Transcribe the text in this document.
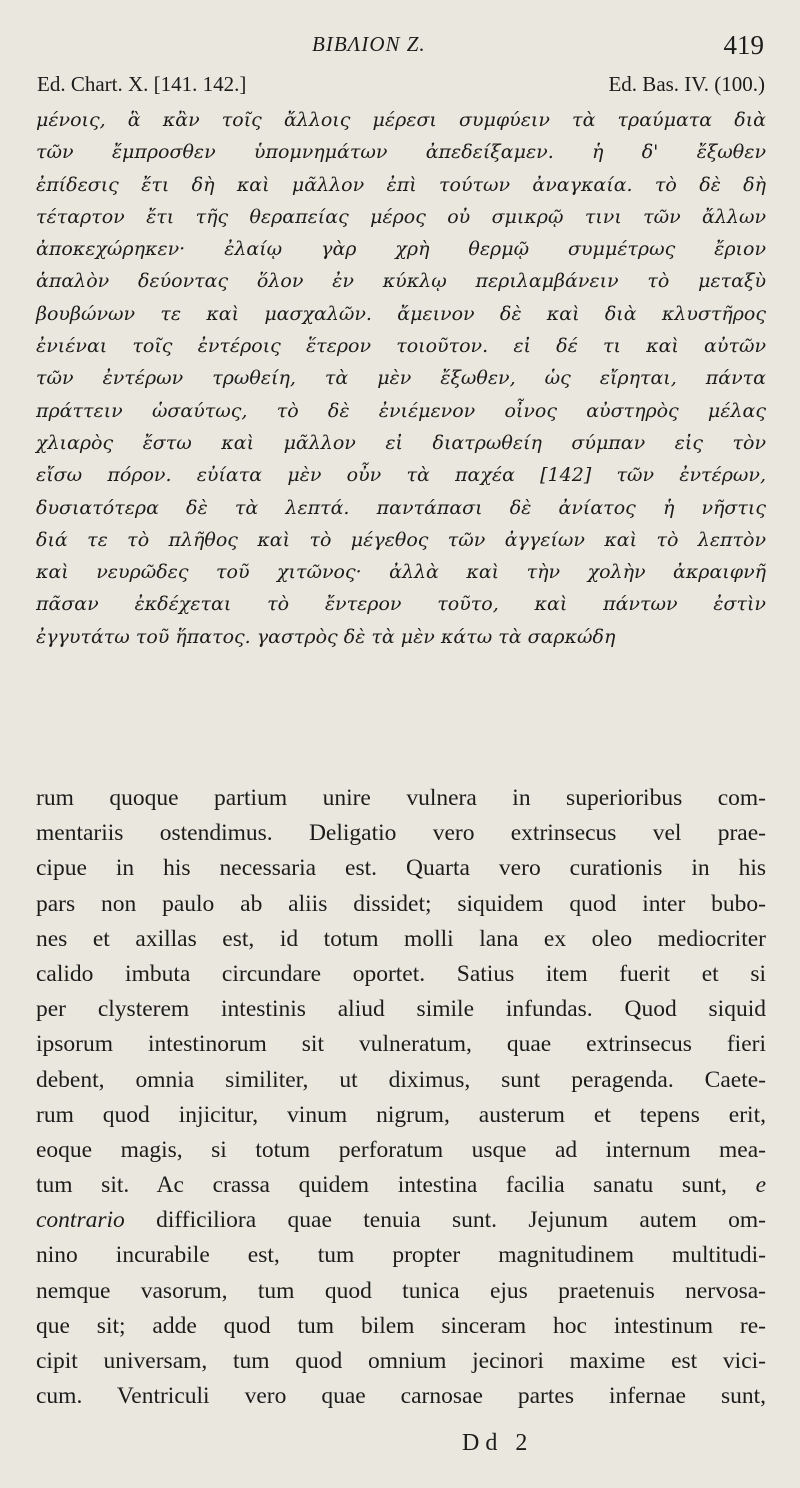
BIBΛΙΟΝ Ζ.	419
Ed. Chart. X. [141. 142.]	Ed. Bas. IV. (100.)
μένοις, ἃ κἂν τοῖς ἄλλοις μέρεσι συμφύειν τὰ τραύματα διὰ
τῶν ἔμπροσθεν ὑπομνημάτων ἀπεδείξαμεν. ἡ δ' ἔξωθεν
ἐπίδεσις ἔτι δὴ καὶ μᾶλλον ἐπὶ τούτων ἀναγκαία. τὸ δὲ δὴ
τέταρτον ἔτι τῆς θεραπείας μέρος οὐ σμικρῷ τινι τῶν ἄλλων
ἀποκεχώρηκεν· ἐλαίῳ γὰρ χρὴ θερμῷ συμμέτρως ἔριον
ἁπαλὸν δεύοντας ὅλον ἐν κύκλῳ περιλαμβάνειν τὸ μεταξὺ
βουβώνων τε καὶ μασχαλῶν. ἄμεινον δὲ καὶ διὰ κλυστῆρος
ἐνιέναι τοῖς ἐντέροις ἕτερον τοιοῦτον. εἰ δέ τι καὶ αὐτῶν
τῶν ἐντέρων τρωθείη, τὰ μὲν ἔξωθεν, ὡς εἴρηται, πάντα
πράττειν ὡσαύτως, τὸ δὲ ἐνιέμενον οἶνος αὐστηρὸς μέλας
χλιαρὸς ἔστω καὶ μᾶλλον εἰ διατρωθείη σύμπαν εἰς τὸν
εἴσω πόρον. εὐίατα μὲν οὖν τὰ παχέα [142] τῶν ἐντέρων,
δυσιατότερα δὲ τὰ λεπτά. παντάπασι δὲ ἀνίατος ἡ νῆστις
διά τε τὸ πλῆθος καὶ τὸ μέγεθος τῶν ἀγγείων καὶ τὸ λεπτὸν
καὶ νευρῶδες τοῦ χιτῶνος· ἀλλὰ καὶ τὴν χολὴν ἀκραιφνῆ
πᾶσαν ἐκδέχεται τὸ ἔντερον τοῦτο, καὶ πάντων ἐστὶν
ἐγγυτάτω τοῦ ἥπατος. γαστρὸς δὲ τὰ μὲν κάτω τὰ σαρκώδη
rum quoque partium unire vulnera in superioribus com-
mentariis ostendimus. Deligatio vero extrinsecus vel prae-
cipue in his necessaria est. Quarta vero curationis in his
pars non paulo ab aliis dissidet; siquidem quod inter bubo-
nes et axillas est, id totum molli lana ex oleo mediocriter
calido imbuta circundare oportet. Satius item fuerit et si
per clysterem intestinis aliud simile infundas. Quod siquid
ipsorum intestinorum sit vulneratum, quae extrinsecus fieri
debent, omnia similiter, ut diximus, sunt peragenda. Caete-
rum quod injicitur, vinum nigrum, austerum et tepens erit,
eoque magis, si totum perforatum usque ad internum mea-
tum sit. Ac crassa quidem intestina facilia sanatu sunt, e
contrario difficiliora quae tenuia sunt. Jejunum autem om-
nino incurabile est, tum propter magnitudinem multitudi-
nemque vasorum, tum quod tunica ejus praetenuis nervosa-
que sit; adde quod tum bilem sinceram hoc intestinum re-
cipit universam, tum quod omnium jecinori maxime est vici-
cum. Ventriculi vero quae carnosae partes infernae sunt,
Dd 2
